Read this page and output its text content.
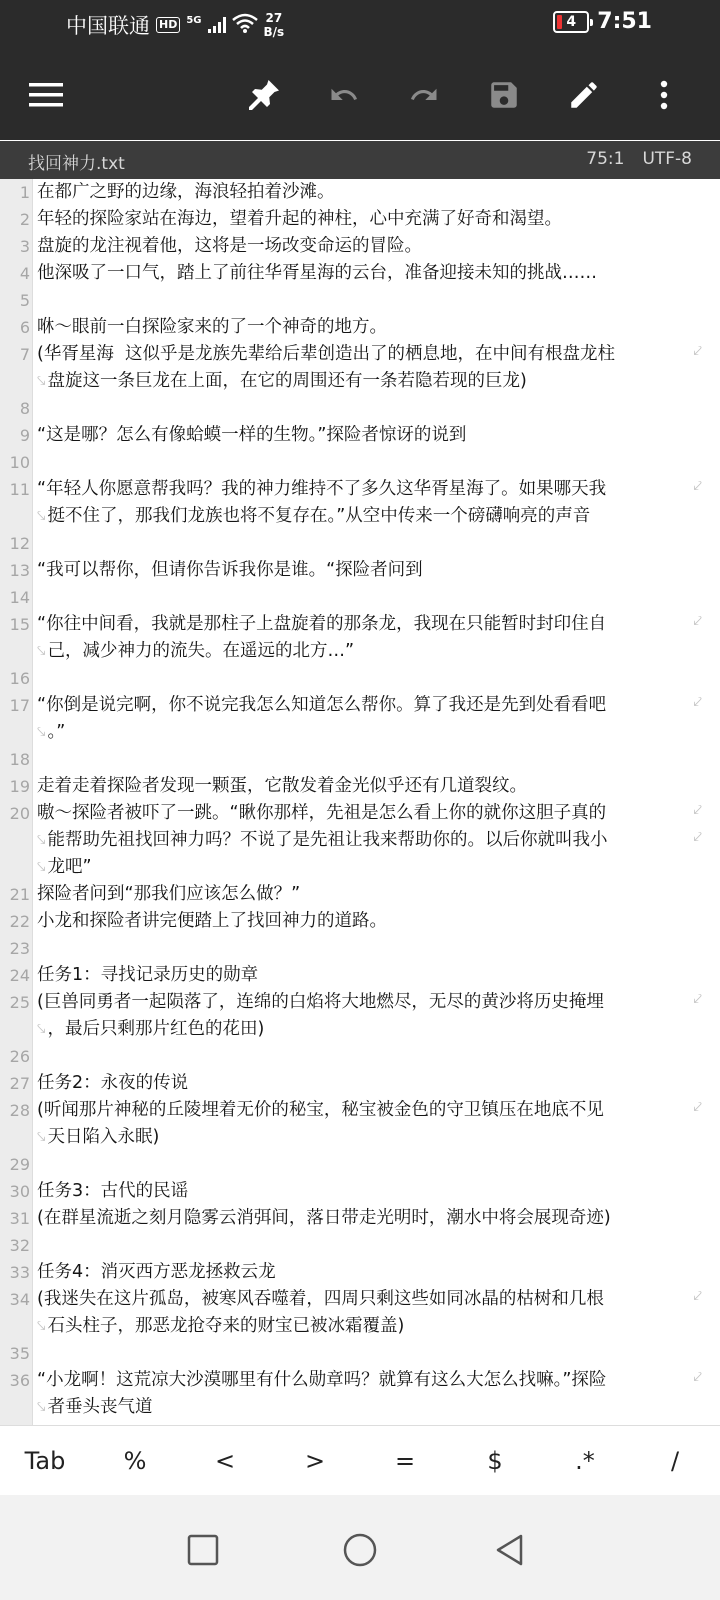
中国联通 HD 5G	27
B/s
4 7:51
找回神力.txt	75:1 UTF-8
1 在都广之野的边缘，海浪轻拍着沙滩。
2 年轻的探险家站在海边，望着升起的神柱，心中充满了好奇和渴望。
3 盘旋的龙注视着他，这将是一场改变命运的冒险。
4 他深吸了一口气，踏上了前往华胥星海的云台，准备迎接未知的挑战……
5
6 咻～眼前一白探险家来的了一个神奇的地方。
7 (华胥星海  这似乎是龙族先辈给后辈创造出了的栖息地，在中间有根盘龙柱	⤦
⤥ 盘旋这一条巨龙在上面，在它的周围还有一条若隐若现的巨龙)
8
9 “这是哪？怎么有像蛤蟆一样的生物。”探险者惊讶的说到
10
11 “年轻人你愿意帮我吗？我的神力维持不了多久这华胥星海了。如果哪天我	⤦
⤥ 挺不住了，那我们龙族也将不复存在。”从空中传来一个磅礴响亮的声音
12
13 “我可以帮你，但请你告诉我你是谁。“探险者问到
14
15 “你往中间看，我就是那柱子上盘旋着的那条龙，我现在只能暂时封印住自	⤦
⤥ 己，减少神力的流失。在遥远的北方…”
16
17 “你倒是说完啊，你不说完我怎么知道怎么帮你。算了我还是先到处看看吧	⤦
⤥ 。”
18
19 走着走着探险者发现一颗蛋，它散发着金光似乎还有几道裂纹。
20 嗷～探险者被吓了一跳。“瞅你那样，先祖是怎么看上你的就你这胆子真的	⤦
⤥ 能帮助先祖找回神力吗？不说了是先祖让我来帮助你的。以后你就叫我小	⤦
⤥ 龙吧”
21 探险者问到“那我们应该怎么做？”
22 小龙和探险者讲完便踏上了找回神力的道路。
23
24 任务1：寻找记录历史的勋章
25 (巨兽同勇者一起陨落了，连绵的白焰将大地燃尽，无尽的黄沙将历史掩埋	⤦
⤥ ，最后只剩那片红色的花田)
26
27 任务2：永夜的传说
28 (听闻那片神秘的丘陵埋着无价的秘宝，秘宝被金色的守卫镇压在地底不见	⤦
⤥ 天日陷入永眠)
29
30 任务3：古代的民谣
31 (在群星流逝之刻月隐雾云消弭间，落日带走光明时，潮水中将会展现奇迹)
32
33 任务4：消灭西方恶龙拯救云龙
34 (我迷失在这片孤岛，被寒风吞噬着，四周只剩这些如同冰晶的枯树和几根	⤦
⤥ 石头柱子，那恶龙抢夺来的财宝已被冰霜覆盖)
35
36 “小龙啊！这荒凉大沙漠哪里有什么勋章吗？就算有这么大怎么找嘛。”探险	⤦
⤥ 者垂头丧气道
Tab	%	<	>	=	$	.*	/
